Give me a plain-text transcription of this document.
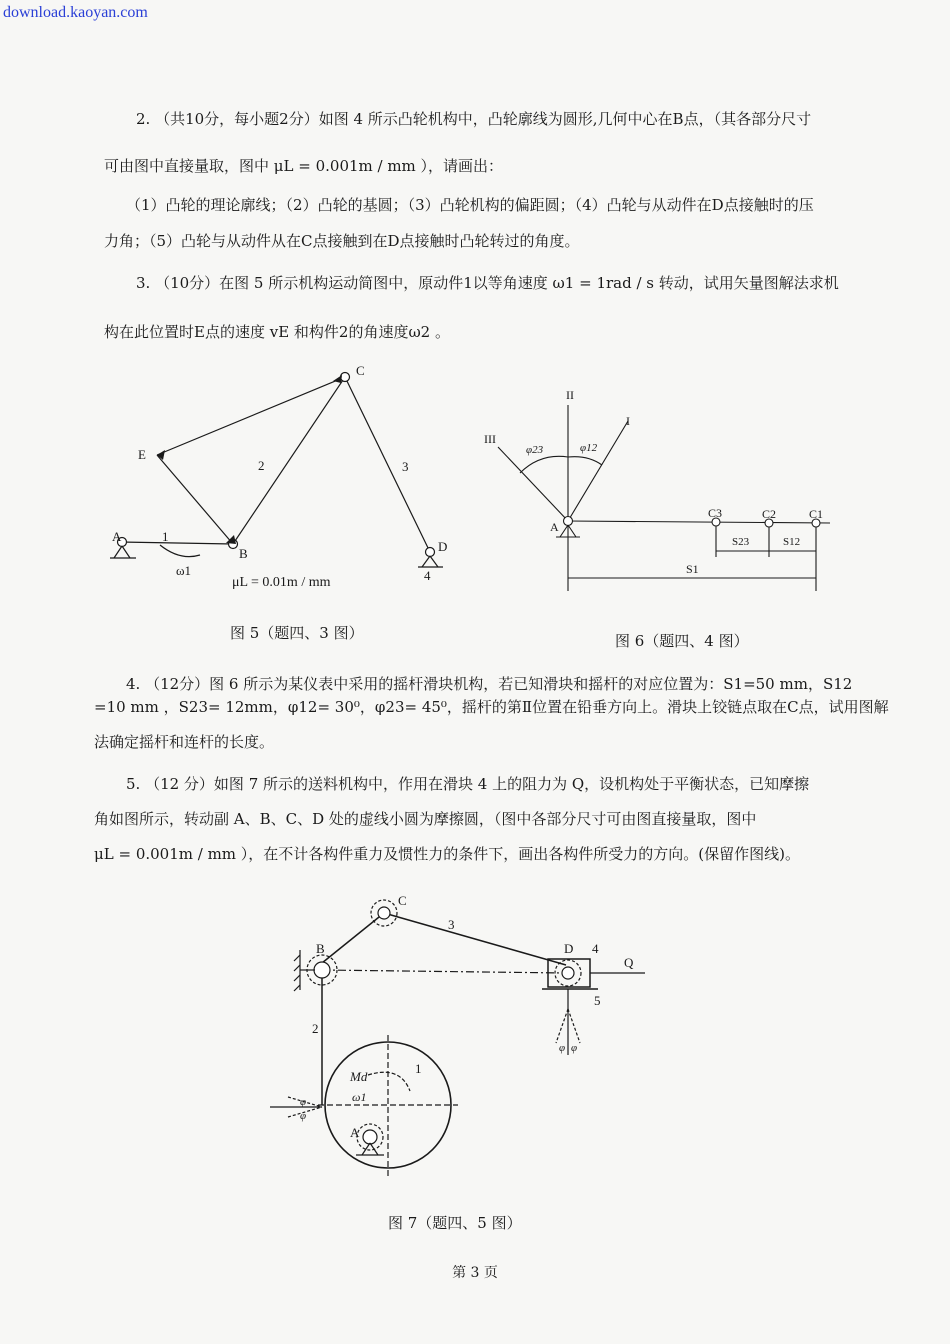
download.kaoyan.com
2. （共10分，每小题2分）如图 4 所示凸轮机构中，凸轮廓线为圆形,几何中心在B点，（其各部分尺寸
可由图中直接量取，图中 μL = 0.001m / mm ），请画出：
（1）凸轮的理论廓线；（2）凸轮的基圆；（3）凸轮机构的偏距圆；（4）凸轮与从动件在D点接触时的压
力角；（5）凸轮与从动件从在C点接触到在D点接触时凸轮转过的角度。
3. （10分）在图 5 所示机构运动简图中，原动件1以等角速度 ω1 = 1rad / s 转动，试用矢量图解法求机
构在此位置时E点的速度 vE 和构件2的角速度ω2 。
E
A
B
C
D
1
2	3
4
ω1
μL = 0.01m / mm
图 5（题四、3 图）
II
I
III
φ23	φ12
A
C3	C2	C1
S23	S12
S1
图 6（题四、4 图）
4. （12分）图 6 所示为某仪表中采用的摇杆滑块机构，若已知滑块和摇杆的对应位置为：S1=50 mm，S12
=10 mm ，S23= 12mm，φ12= 30⁰，φ23= 45⁰，摇杆的第Ⅱ位置在铅垂方向上。滑块上铰链点取在C点，试用图解
法确定摇杆和连杆的长度。
5. （12 分）如图 7 所示的送料机构中，作用在滑块 4 上的阻力为 Q，设机构处于平衡状态，已知摩擦
角如图所示，转动副 A、B、C、D 处的虚线小圆为摩擦圆，（图中各部分尺寸可由图直接量取，图中
μL = 0.001m / mm ），在不计各构件重力及惯性力的条件下，画出各构件所受力的方向。(保留作图线)。
B
C
D 4
5
3
2
1
Q
Md
ω1
A
φ φ
φ
φ
图 7（题四、5 图）
第 3 页
